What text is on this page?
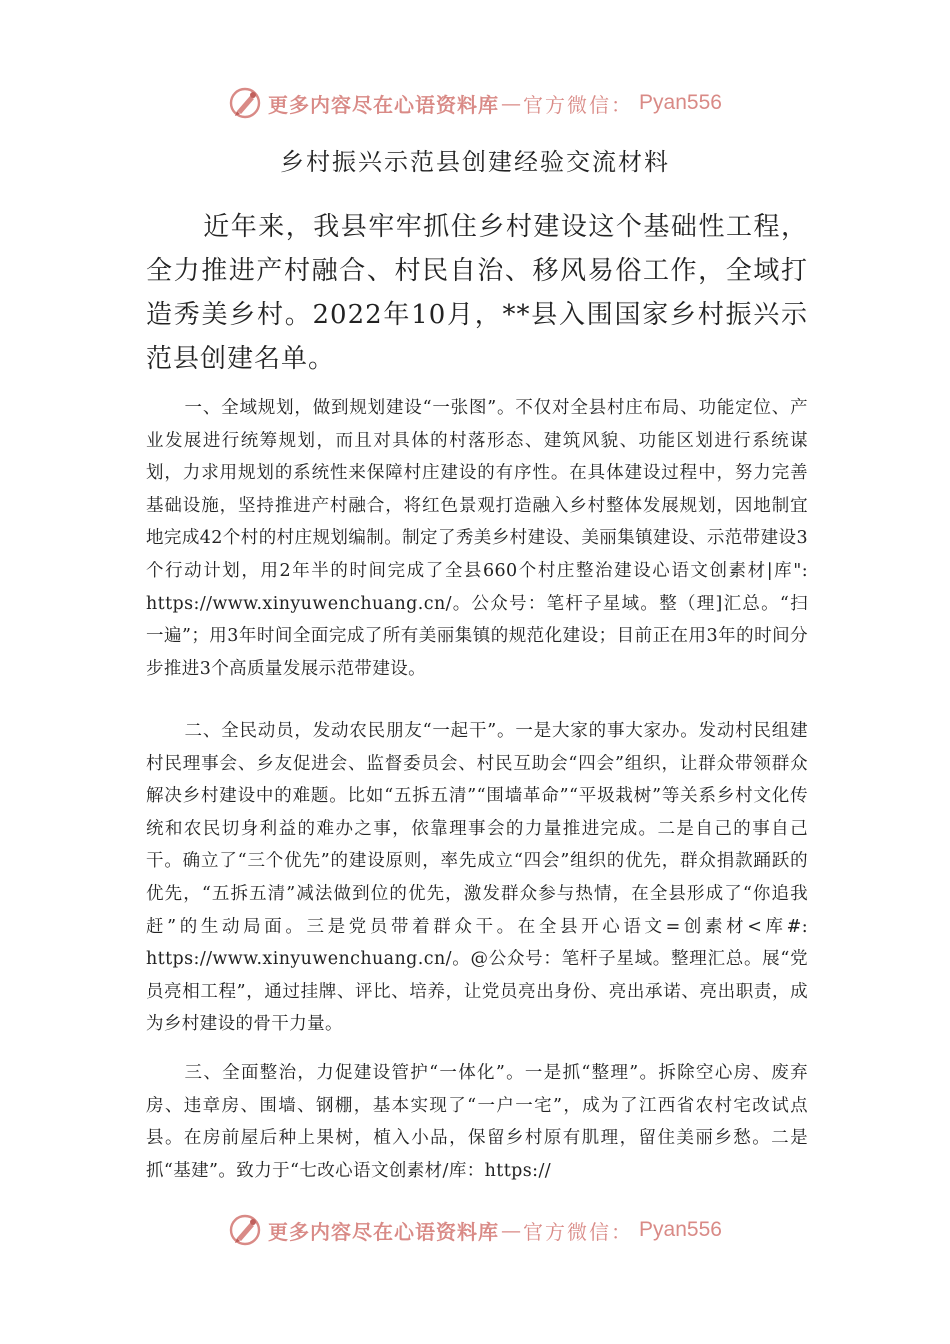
更多内容尽在心语资料库 — 官方微信： Pyan556
乡村振兴示范县创建经验交流材料

近年来，我县牢牢抓住乡村建设这个基础性工程，全力推进产村融合、村民自治、移风易俗工作，全域打造秀美乡村。2022年10月，**县入围国家乡村振兴示范县创建名单。

一、全域规划，做到规划建设“一张图”。不仅对全县村庄布局、功能定位、产业发展进行统筹规划，而且对具体的村落形态、建筑风貌、功能区划进行系统谋划，力求用规划的系统性来保障村庄建设的有序性。在具体建设过程中，努力完善基础设施，坚持推进产村融合，将红色景观打造融入乡村整体发展规划，因地制宜地完成42个村的村庄规划编制。制定了秀美乡村建设、美丽集镇建设、示范带建设3个行动计划，用2年半的时间完成了全县660个村庄整治建设心语文创素材|库": https://www.xinyuwenchuang.cn/。公众号：笔杆子星域。整（理]汇总。“扫一遍”；用3年时间全面完成了所有美丽集镇的规范化建设；目前正在用3年的时间分步推进3个高质量发展示范带建设。

二、全民动员，发动农民朋友“一起干”。一是大家的事大家办。发动村民组建村民理事会、乡友促进会、监督委员会、村民互助会“四会”组织，让群众带领群众解决乡村建设中的难题。比如“五拆五清”“围墙革命”“平圾栽树”等关系乡村文化传统和农民切身利益的难办之事，依靠理事会的力量推进完成。二是自己的事自己干。确立了“三个优先”的建设原则，率先成立“四会”组织的优先，群众捐款踊跃的优先，“五拆五清”减法做到位的优先，激发群众参与热情，在全县形成了“你追我赶”的生动局面。三是党员带着群众干。在全县开心语文=创素材<库#: https://www.xinyuwenchuang.cn/。@公众号：笔杆子星域。整理汇总。展“党员亮相工程”，通过挂牌、评比、培养，让党员亮出身份、亮出承诺、亮出职责，成为乡村建设的骨干力量。

三、全面整治，力促建设管护“一体化”。一是抓“整理”。拆除空心房、废弃房、违章房、围墙、钢棚，基本实现了“一户一宅”，成为了江西省农村宅改试点县。在房前屋后种上果树，植入小品，保留乡村原有肌理，留住美丽乡愁。二是抓“基建”。致力于“七改心语文创素材/库：https://

更多内容尽在心语资料库 — 官方微信： Pyan556
